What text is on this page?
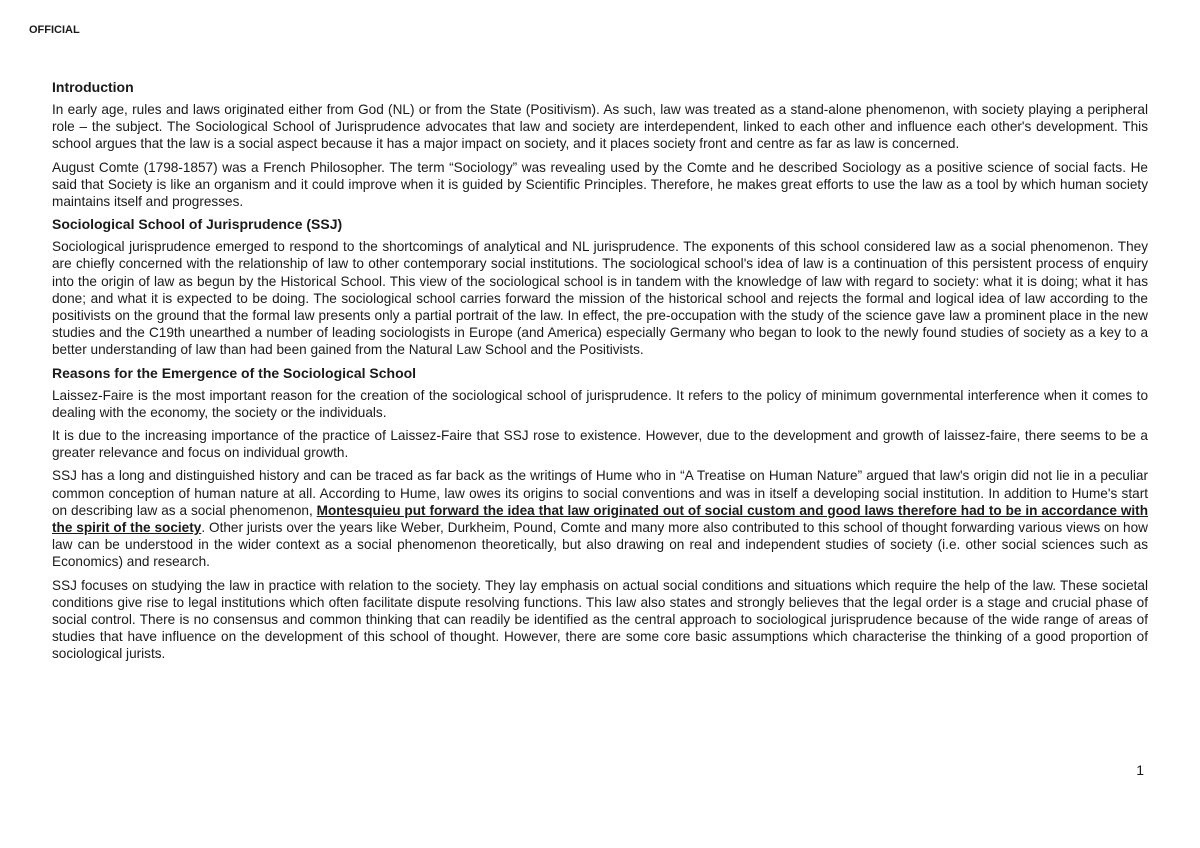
OFFICIAL
Introduction

In early age, rules and laws originated either from God (NL) or from the State (Positivism). As such, law was treated as a stand-alone phenomenon, with society playing a peripheral role – the subject. The Sociological School of Jurisprudence advocates that law and society are interdependent, linked to each other and influence each other's development. This school argues that the law is a social aspect because it has a major impact on society, and it places society front and centre as far as law is concerned.

August Comte (1798-1857) was a French Philosopher. The term “Sociology” was revealing used by the Comte and he described Sociology as a positive science of social facts. He said that Society is like an organism and it could improve when it is guided by Scientific Principles. Therefore, he makes great efforts to use the law as a tool by which human society maintains itself and progresses.

Sociological School of Jurisprudence (SSJ)

Sociological jurisprudence emerged to respond to the shortcomings of analytical and NL jurisprudence. The exponents of this school considered law as a social phenomenon. They are chiefly concerned with the relationship of law to other contemporary social institutions. The sociological school's idea of law is a continuation of this persistent process of enquiry into the origin of law as begun by the Historical School. This view of the sociological school is in tandem with the knowledge of law with regard to society: what it is doing; what it has done; and what it is expected to be doing. The sociological school carries forward the mission of the historical school and rejects the formal and logical idea of law according to the positivists on the ground that the formal law presents only a partial portrait of the law. In effect, the pre-occupation with the study of the science gave law a prominent place in the new studies and the C19th unearthed a number of leading sociologists in Europe (and America) especially Germany who began to look to the newly found studies of society as a key to a better understanding of law than had been gained from the Natural Law School and the Positivists.

Reasons for the Emergence of the Sociological School

Laissez-Faire is the most important reason for the creation of the sociological school of jurisprudence. It refers to the policy of minimum governmental interference when it comes to dealing with the economy, the society or the individuals.

It is due to the increasing importance of the practice of Laissez-Faire that SSJ rose to existence. However, due to the development and growth of laissez-faire, there seems to be a greater relevance and focus on individual growth.

SSJ has a long and distinguished history and can be traced as far back as the writings of Hume who in “A Treatise on Human Nature” argued that law's origin did not lie in a peculiar common conception of human nature at all. According to Hume, law owes its origins to social conventions and was in itself a developing social institution. In addition to Hume's start on describing law as a social phenomenon, Montesquieu put forward the idea that law originated out of social custom and good laws therefore had to be in accordance with the spirit of the society. Other jurists over the years like Weber, Durkheim, Pound, Comte and many more also contributed to this school of thought forwarding various views on how law can be understood in the wider context as a social phenomenon theoretically, but also drawing on real and independent studies of society (i.e. other social sciences such as Economics) and research.

SSJ focuses on studying the law in practice with relation to the society. They lay emphasis on actual social conditions and situations which require the help of the law. These societal conditions give rise to legal institutions which often facilitate dispute resolving functions. This law also states and strongly believes that the legal order is a stage and crucial phase of social control. There is no consensus and common thinking that can readily be identified as the central approach to sociological jurisprudence because of the wide range of areas of studies that have influence on the development of this school of thought. However, there are some core basic assumptions which characterise the thinking of a good proportion of sociological jurists.

1
